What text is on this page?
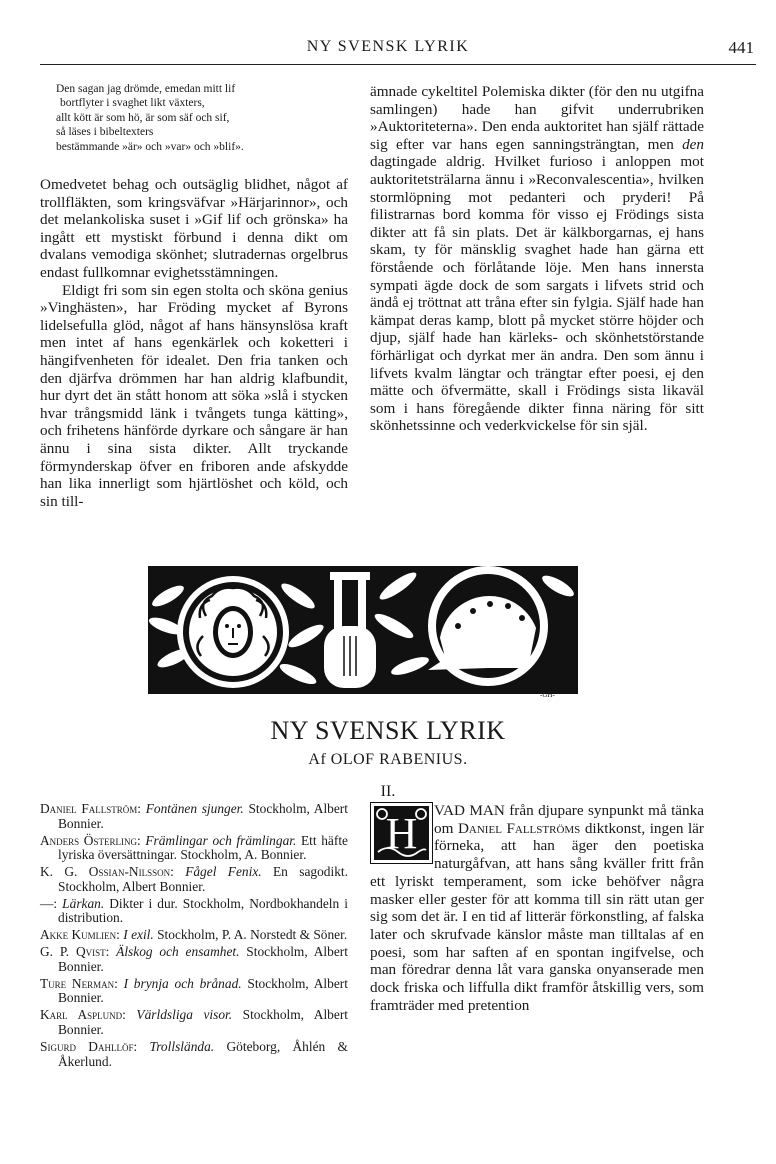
NY SVENSK LYRIK	441
Den sagan jag drömde, emedan mitt lif
bortflyter i svaghet likt växters,
allt kött är som hö, är som säf och sif,
så läses i bibeltexters
bestämmande »är» och »var» och »blif».

Omedvetet behag och outsäglig blidhet, något af trollfläkten, som kringsväfvar »Härjarinnor», och det melankoliska suset i »Gif lif och grönska» ha ingått ett mystiskt förbund i denna dikt om dvalans vemodiga skönhet; slutradernas orgelbrus endast fullkomnar evighetsstämningen.

Eldigt fri som sin egen stolta och sköna genius »Vinghästen», har Fröding mycket af Byrons lidelsefulla glöd, något af hans hänsynslösa kraft men intet af hans egenkärlek och koketteri i hängifvenheten för idealet. Den fria tanken och den djärfva drömmen har han aldrig klafbundit, hur dyrt det än stått honom att söka »slå i stycken hvar trångsmidd länk i tvångets tunga kätting», och frihetens hänförde dyrkare och sångare är han ännu i sina sista dikter. Allt tryckande förmynderskap öfver en friboren ande afskydde han lika innerligt som hjärtlöshet och köld, och sin till-

ämnade cykeltitel Polemiska dikter (för den nu utgifna samlingen) hade han gifvit underrubriken »Auktoriteterna». Den enda auktoritet han själf rättade sig efter var hans egen sanningsträngtan, men den dagtingade aldrig. Hvilket furioso i anloppen mot auktoritetsträlarna ännu i »Reconvalescentia», hvilken stormlöpning mot pedanteri och pryderi! På filistrarnas bord komma för visso ej Frödings sista dikter att få sin plats. Det är kälkborgarnas, ej hans skam, ty för mänsklig svaghet hade han gärna ett förstående och förlåtande löje. Men hans innersta sympati ägde dock de som sargats i lifvets strid och ändå ej tröttnat att tråna efter sin fylgia. Själf hade han kämpat deras kamp, blott på mycket större höjder och djup, själf hade han kärleks- och skönhetstörstande förhärligat och dyrkat mer än andra. Den som ännu i lifvets kvalm längtar och trängtar efter poesi, ej den mätte och öfvermätte, skall i Frödings sista likaväl som i hans föregående dikter finna näring för sitt skönhetssinne och vederkvickelse för sin själ.

-GH-
NY SVENSK LYRIK
Af OLOF RABENIUS.
II.

Daniel Fallström: Fontänen sjunger. Stockholm, Albert Bonnier.

Anders Österling: Främlingar och främlingar. Ett häfte lyriska översättningar. Stockholm, A. Bonnier.

K. G. Ossian-Nilsson: Fågel Fenix. En sagodikt. Stockholm, Albert Bonnier.

—: Lärkan. Dikter i dur. Stockholm, Nordbokhandeln i distribution.

Akke Kumlien: I exil. Stockholm, P. A. Norstedt & Söner.

G. P. Qvist: Älskog och ensamhet. Stockholm, Albert Bonnier.

Ture Nerman: I brynja och brånad. Stockholm, Albert Bonnier.

Karl Asplund: Världsliga visor. Stockholm, Albert Bonnier.

Sigurd Dahllöf: Trollslända. Göteborg, Åhlén & Åkerlund.

H	VAD MAN från djupare synpunkt må tänka om Daniel Fallströms diktkonst, ingen lär förneka, att han äger den poetiska naturgåfvan, att hans sång kväller fritt från ett lyriskt temperament, som icke behöfver några masker eller gester för att komma till sin rätt utan ger sig som det är. I en tid af litterär förkonstling, af falska later och skrufvade känslor måste man tilltalas af en poesi, som har saften af en spontan ingifvelse, och man föredrar denna låt vara ganska onyanserade men dock friska och liffulla dikt framför åtskillig vers, som framträder med pretention
